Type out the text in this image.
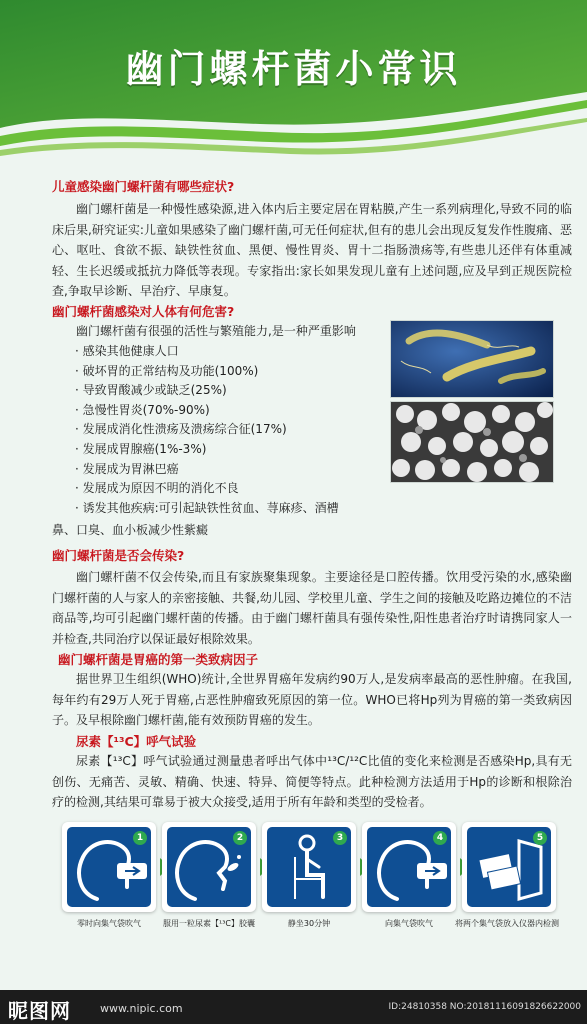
幽门螺杆菌小常识
儿童感染幽门螺杆菌有哪些症状?

幽门螺杆菌是一种慢性感染源,进入体内后主要定居在胃粘膜,产生一系列病理化,导致不同的临床后果,研究证实:儿童如果感染了幽门螺杆菌,可无任何症状,但有的患儿会出现反复发作性腹痛、恶心、呕吐、食欲不振、缺铁性贫血、黑便、慢性胃炎、胃十二指肠溃疡等,有些患儿还伴有体重减轻、生长迟缓或抵抗力降低等表现。专家指出:家长如果发现儿童有上述问题,应及早到正规医院检查,争取早诊断、早治疗、早康复。

幽门螺杆菌感染对人体有何危害?
幽门螺杆菌有很强的活性与繁殖能力,是一种严重影响
· 感染其他健康人口
· 破坏胃的正常结构及功能(100%)
· 导致胃酸减少或缺乏(25%)
· 急慢性胃炎(70%-90%)
· 发展成消化性溃疡及溃疡综合征(17%)
· 发展成胃腺癌(1%-3%)
· 发展成为胃淋巴癌
· 发展成为原因不明的消化不良
· 诱发其他疾病:可引起缺铁性贫血、荨麻疹、酒槽
鼻、口臭、血小板减少性紫癜
幽门螺杆菌是否会传染?

幽门螺杆菌不仅会传染,而且有家族聚集现象。主要途径是口腔传播。饮用受污染的水,感染幽门螺杆菌的人与家人的亲密接触、共餐,幼儿园、学校里儿童、学生之间的接触及吃路边摊位的不洁商品等,均可引起幽门螺杆菌的传播。由于幽门螺杆菌具有强传染性,阳性患者治疗时请携同家人一并检查,共同治疗以保证最好根除效果。

幽门螺杆菌是胃癌的第一类致病因子

据世界卫生组织(WHO)统计,全世界胃癌年发病约90万人,是发病率最高的恶性肿瘤。在我国,每年约有29万人死于胃癌,占恶性肿瘤致死原因的第一位。WHO已将Hp列为胃癌的第一类致病因子。及早根除幽门螺杆菌,能有效预防胃癌的发生。

尿素【¹³C】呼气试验

尿素【¹³C】呼气试验通过测量患者呼出气体中¹³C/¹²C比值的变化来检测是否感染Hp,具有无创伤、无痛苦、灵敏、精确、快速、特异、简便等特点。此种检测方法适用于Hp的诊断和根除治疗的检测,其结果可靠易于被大众接受,适用于所有年龄和类型的受检者。

1	2	3	4	5
零时向集气袋吹气	服用一粒尿素【¹³C】胶囊	静坐30分钟	向集气袋吹气	将两个集气袋放入仪器内检测
昵图网	www.nipic.com	ID:24810358 NO:20181116091826622000
